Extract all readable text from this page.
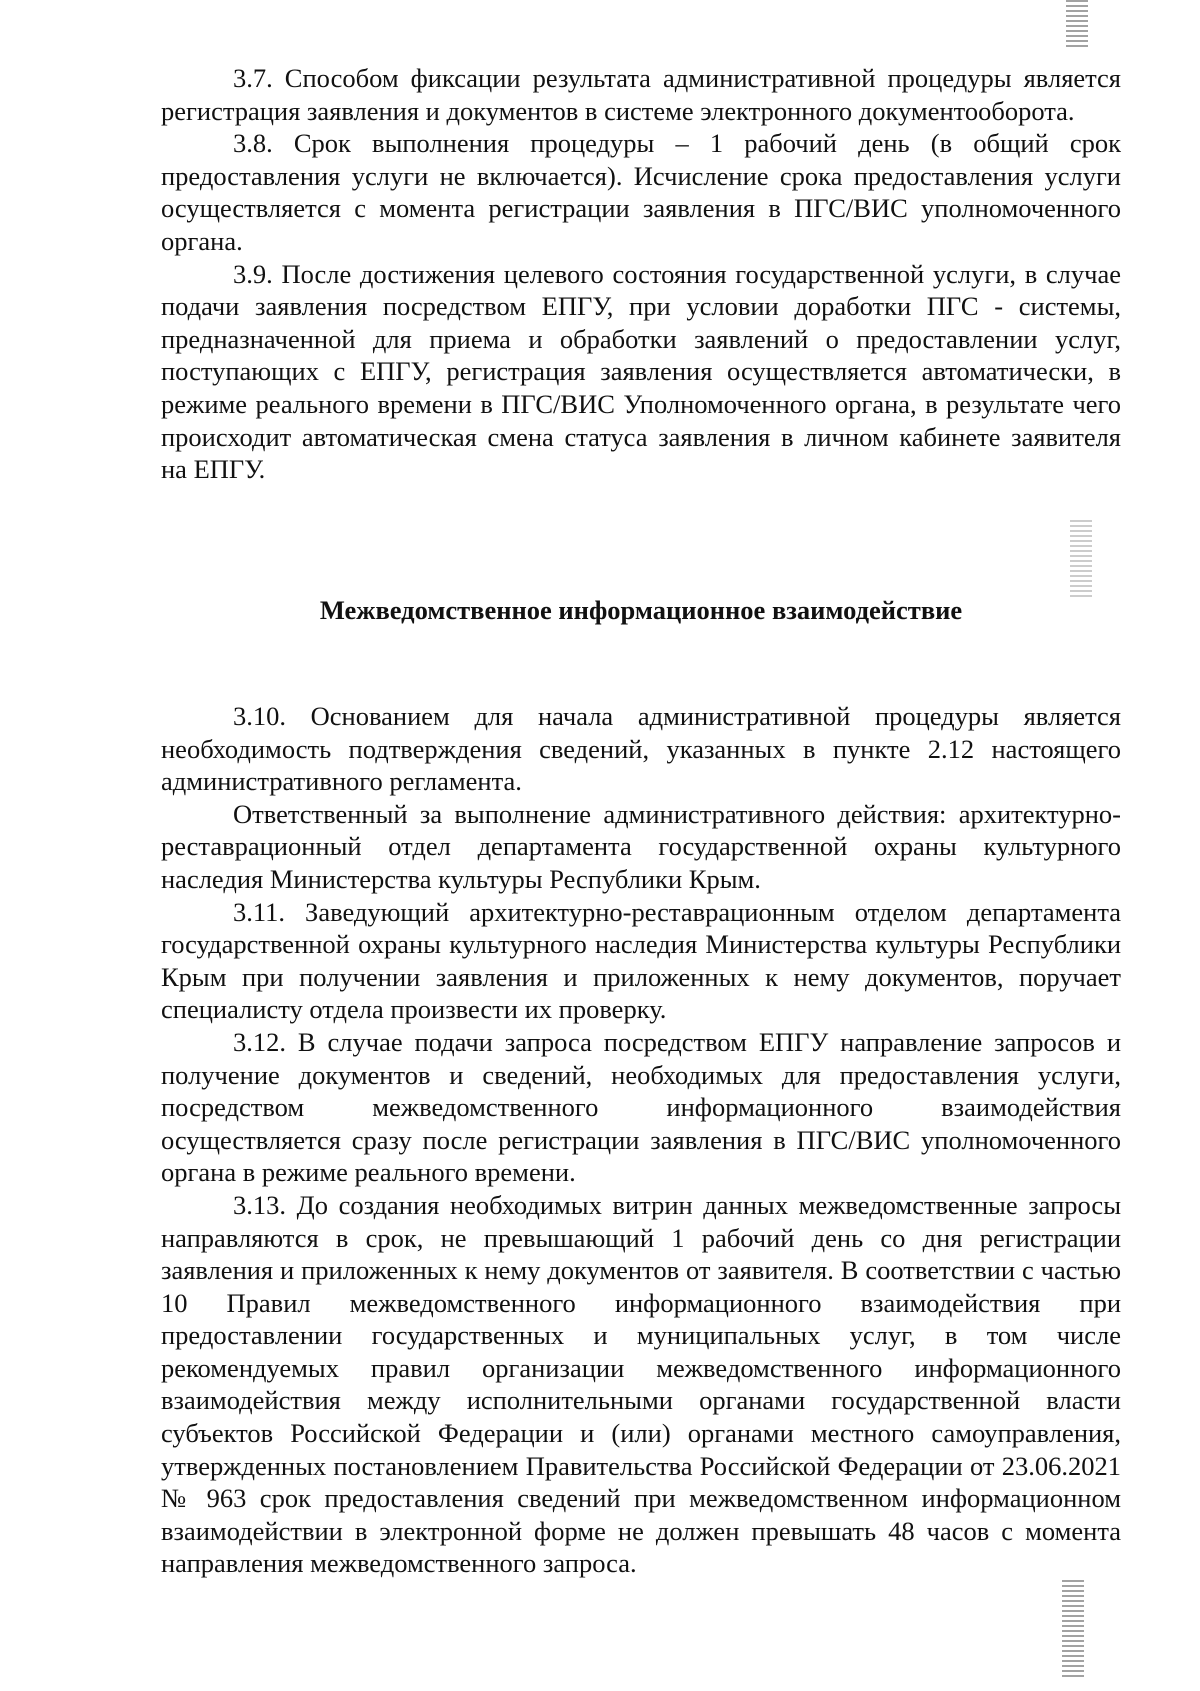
3.7. Способом фиксации результата административной процедуры является регистрация заявления и документов в системе электронного документооборота.

3.8. Срок выполнения процедуры – 1 рабочий день (в общий срок предоставления услуги не включается). Исчисление срока предоставления услуги осуществляется с момента регистрации заявления в ПГС/ВИС уполномоченного органа.

3.9. После достижения целевого состояния государственной услуги, в случае подачи заявления посредством ЕПГУ, при условии доработки ПГС - системы, предназначенной для приема и обработки заявлений о предоставлении услуг, поступающих с ЕПГУ, регистрация заявления осуществляется автоматически, в режиме реального времени в ПГС/ВИС Уполномоченного органа, в результате чего происходит автоматическая смена статуса заявления в личном кабинете заявителя на ЕПГУ.

Межведомственное информационное взаимодействие

3.10. Основанием для начала административной процедуры является необходимость подтверждения сведений, указанных в пункте 2.12 настоящего административного регламента.

Ответственный за выполнение административного действия: архитектурно-реставрационный отдел департамента государственной охраны культурного наследия Министерства культуры Республики Крым.

3.11. Заведующий архитектурно-реставрационным отделом департамента государственной охраны культурного наследия Министерства культуры Республики Крым при получении заявления и приложенных к нему документов, поручает специалисту отдела произвести их проверку.

3.12. В случае подачи запроса посредством ЕПГУ направление запросов и получение документов и сведений, необходимых для предоставления услуги, посредством межведомственного информационного взаимодействия осуществляется сразу после регистрации заявления в ПГС/ВИС уполномоченного органа в режиме реального времени.

3.13. До создания необходимых витрин данных межведомственные запросы направляются в срок, не превышающий 1 рабочий день со дня регистрации заявления и приложенных к нему документов от заявителя. В соответствии с частью 10 Правил межведомственного информационного взаимодействия при предоставлении государственных и муниципальных услуг, в том числе рекомендуемых правил организации межведомственного информационного взаимодействия между исполнительными органами государственной власти субъектов Российской Федерации и (или) органами местного самоуправления, утвержденных постановлением Правительства Российской Федерации от 23.06.2021 № 963 срок предоставления сведений при межведомственном информационном взаимодействии в электронной форме не должен превышать 48 часов с момента направления межведомственного запроса.
